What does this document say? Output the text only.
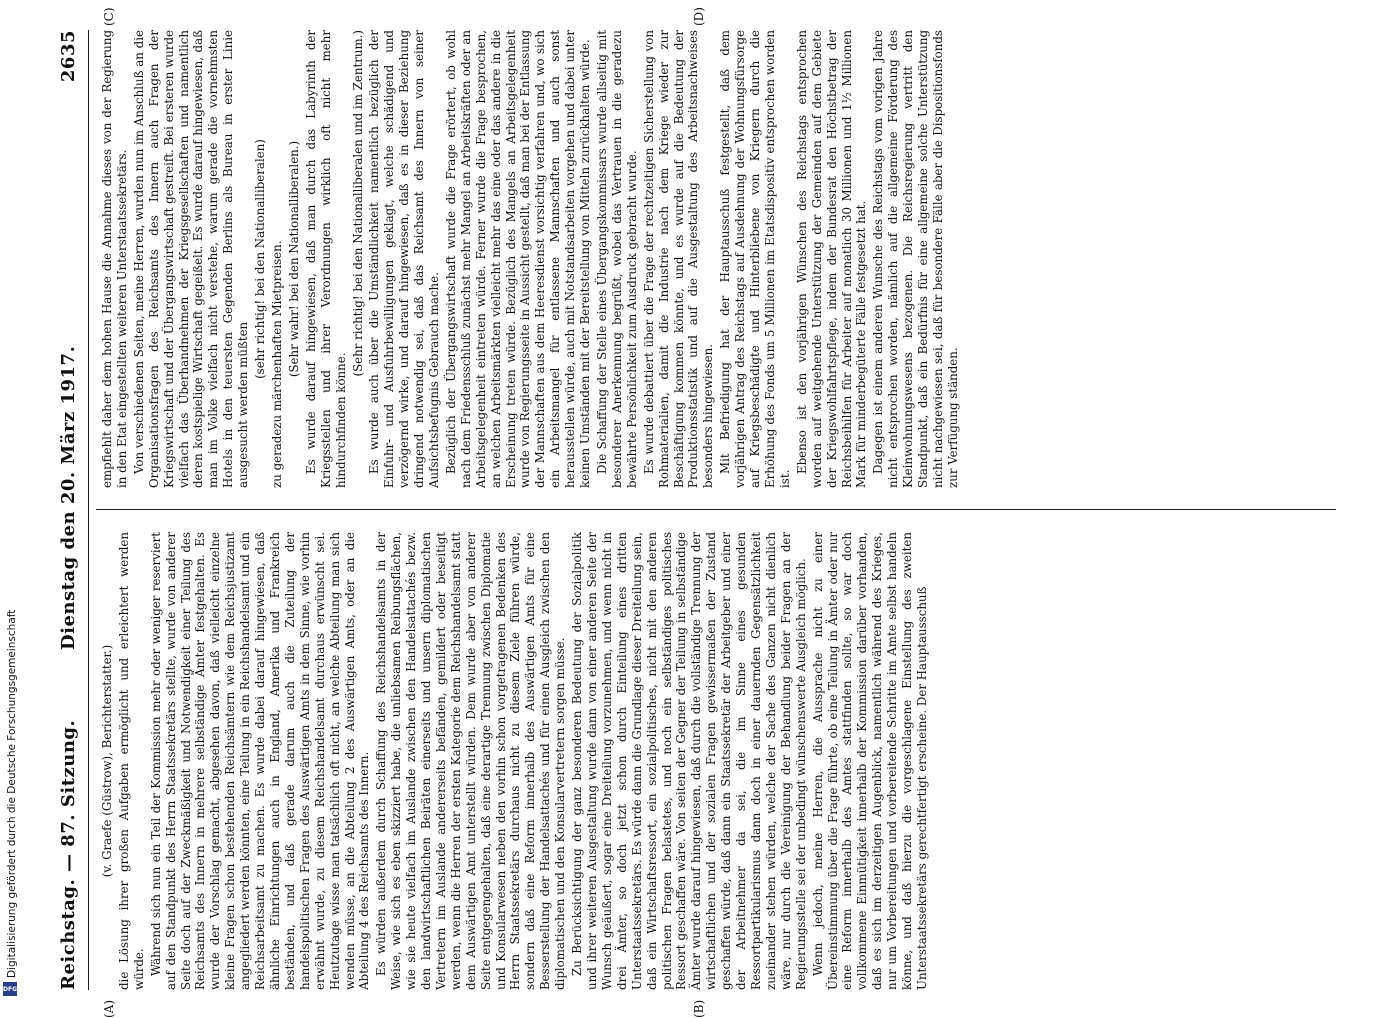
Reichstag. — 87. Sitzung.
Dienstag den 20. März 1917.
2635
(A)	(B)
(C)	(D)

(v. Graefe (Güstrow), Berichterstatter.) die Lösung ihrer großen Aufgaben ermöglicht und erleichtert werden würde. Während sich nun ein Teil der Kommission mehr oder weniger reserviert auf den Standpunkt des Herrn Staatssekretärs stellte, wurde von anderer Seite doch auf der Zweckmäßigkeit und Notwendigkeit einer Teilung des Reichsamts des Innern in mehrere selbständige Ämter festgehalten. Es wurde der Vorschlag gemacht, abgesehen davon, daß vielleicht einzelne kleine Fragen schon bestehenden Reichsämtern wie dem Reichsjustizamt angegliedert werden könnten, eine Teilung in ein Reichshandelsamt und ein Reichsarbeitsamt zu machen. Es wurde dabei darauf hingewiesen, daß ähnliche Einrichtungen auch in England, Amerika und Frankreich beständen, und daß gerade darum auch die Zuteilung der handelspolitischen Fragen des Auswärtigen Amts in dem Sinne, wie vorhin erwähnt wurde, zu diesem Reichshandelsamt durchaus erwünscht sei. Heutzutage wisse man tatsächlich oft nicht, an welche Abteilung man sich wenden müsse, an die Abteilung 2 des Auswärtigen Amts, oder an die Abteilung 4 des Reichsamts des Innern. Es würden außerdem durch Schaffung des Reichshandelsamts in der Weise, wie sich es eben skizziert habe, die unliebsamen Reibungsflächen, wie sie heute vielfach im Auslande zwischen den Handelsattachés bezw. den landwirtschaftlichen Beiräten einerseits und unsern diplomatischen Vertretern im Auslande andererseits befänden, gemildert oder beseitigt werden, wenn die Herren der ersten Kategorie dem Reichshandelsamt statt dem Auswärtigen Amt unterstellt würden. Dem wurde aber von anderer Seite entgegengehalten, daß eine derartige Trennung zwischen Diplomatie und Konsularwesen neben den vorhin schon vorgetragenen Bedenken des Herrn Staatssekretärs durchaus nicht zu diesem Ziele führen würde, sondern daß eine Reform innerhalb des Auswärtigen Amts für eine Besserstellung der Handelsattachés und für einen Ausgleich zwischen den diplomatischen und den Konsularvertretern sorgen müsse. Zu Berücksichtigung der ganz besonderen Bedeutung der Sozialpolitik und ihrer weiteren Ausgestaltung wurde dann von einer anderen Seite der Wunsch geäußert, sogar eine Dreiteilung vorzunehmen, und wenn nicht in drei Ämter, so doch jetzt schon durch Einteilung eines dritten Unterstaatssekretärs. Es würde dann die Grundlage dieser Dreiteilung sein, daß ein Wirtschaftsressort, ein sozialpolitisches, nicht mit den anderen politischen Fragen belastetes, und noch ein selbständiges politisches Ressort geschaffen wäre. Von seiten der Gegner der Teilung in selbständige Ämter wurde darauf hingewiesen, daß durch die vollständige Trennung der wirtschaftlichen und der sozialen Fragen gewissermaßen der Zustand geschaffen würde, daß dann ein Staatssekretär der Arbeitgeber und einer der Arbeitnehmer da sei, die im Sinne eines gesunden Ressortpartikularismus dann doch in einer dauernden Gegensätzlichkeit zueinander stehen würden, welche der Sache des Ganzen nicht dienlich wäre, nur durch die Vereinigung der Behandlung beider Fragen an der Regierungsstelle sei der unbedingt wünschenswerte Ausgleich möglich. Wenn jedoch, meine Herren, die Aussprache nicht zu einer Übereinstimmung über die Frage führte, ob eine Teilung in Ämter oder nur eine Reform innerhalb des Amtes stattfinden sollte, so war doch vollkommene Einmütigkeit innerhalb der Kommission darüber vorhanden, daß es sich im derzeitigen Augenblick, namentlich während des Krieges, nur um Vorbereitungen und vorbereitende Schritte im Amte selbst handeln könne, und daß hierzu die vorgeschlagene Einstellung des zweiten Unterstaatssekretärs gerechtfertigt erscheine. Der Hauptausschuß

empfiehlt daher dem hohen Hause die Annahme dieses von der Regierung in den Etat eingestellten weiteren Unterstaatssekretärs. Von verschiedenen Seiten, meine Herren, wurden nun im Anschluß an die Organisationsfragen des Reichsamts des Innern auch Fragen der Kriegswirtschaft und der Übergangswirtschaft gestreift. Bei ersteren wurde vielfach das Überhandnehmen der Kriegsgesellschaften und namentlich deren kostspielige Wirtschaft gegeißelt. Es wurde darauf hingewiesen, daß man im Volke vielfach nicht verstehe, warum gerade die vornehmsten Hotels in den teuersten Gegenden Berlins als Bureau in erster Linie ausgesucht werden müßten

(sehr richtig! bei den Nationalliberalen) zu geradezu märchenhaften Mietpreisen. (Sehr wahr! bei den Nationalliberalen.) Es wurde darauf hingewiesen, daß man durch das Labyrinth der Kriegsstellen und ihrer Verordnungen wirklich oft nicht mehr hindurchfinden könne.

(Sehr richtig! bei den Nationalliberalen und im Zentrum.) Es wurde auch über die Umständlichkeit namentlich bezüglich der Einfuhr- und Ausfuhrbewilligungen geklagt, welche schädigend und verzögernd wirke, und darauf hingewiesen, daß es in dieser Beziehung dringend notwendig sei, daß das Reichsamt des Innern von seiner Aufsichtsbefugnis Gebrauch mache. Bezüglich der Übergangswirtschaft wurde die Frage erörtert, ob wohl nach dem Friedensschluß zunächst mehr Mangel an Arbeitskräften oder an Arbeitsgelegenheit eintreten würde. Ferner wurde die Frage besprochen, an welchen Arbeitsmärkten vielleicht mehr das eine oder das andere in die Erscheinung treten würde. Bezüglich des Mangels an Arbeitsgelegenheit wurde von Regierungsseite in Aussicht gestellt, daß man bei der Entlassung der Mannschaften aus dem Heeresdienst vorsichtig verfahren und, wo sich ein Arbeitsmangel für entlassene Mannschaften und auch sonst herausstellen würde, auch mit Notstandsarbeiten vorgehen und dabei unter keinen Umständen mit der Bereitstellung von Mitteln zurückhalten würde. Die Schaffung der Stelle eines Übergangskommissars wurde allseitig mit besonderer Anerkennung begrüßt, wobei das Vertrauen in die geradezu bewährte Persönlichkeit zum Ausdruck gebracht wurde. Es wurde debattiert über die Frage der rechtzeitigen Sicherstellung von Rohmaterialien, damit die Industrie nach dem Kriege wieder zur Beschäftigung kommen könnte, und es wurde auf die Bedeutung der Produktionsstatistik und auf die Ausgestaltung des Arbeitsnachweises besonders hingewiesen. Mit Befriedigung hat der Hauptausschuß festgestellt, daß dem vorjährigen Antrag des Reichstags auf Ausdehnung der Wohnungsfürsorge auf Kriegsbeschädigte und Hinterbliebene von Kriegern durch die Erhöhung des Fonds um 5 Millionen im Etatsdispositiv entsprochen worden ist.

Ebenso ist den vorjährigen Wünschen des Reichstags entsprochen worden auf weitgehende Unterstützung der Gemeinden auf dem Gebiete der Kriegswohlfahrtspflege, indem der Bundesrat den Höchstbetrag der Reichsbeihilfen für Arbeiter auf monatlich 30 Millionen und 1½ Millionen Mark für minderbegüterte Fälle festgesetzt hat. Dagegen ist einem anderen Wunsche des Reichstags vom vorigen Jahre nicht entsprochen worden, nämlich auf die allgemeine Förderung des Kleinwohnungswesens bezogenen. Die Reichsregierung vertritt den Standpunkt, daß ein Bedürfnis für eine allgemeine solche Unterstützung nicht nachgewiesen sei, daß für besondere Fälle aber die Dispositionsfonds zur Verfügung ständen.

Digitalisierung gefördert durch die Deutsche Forschungsgemeinschaft
DFG
